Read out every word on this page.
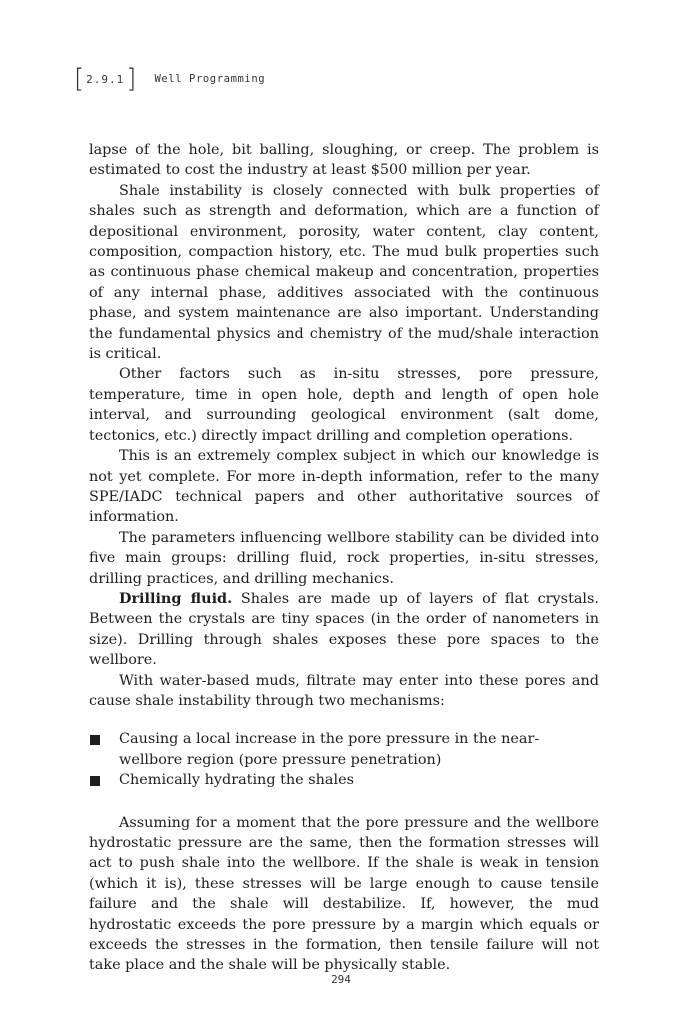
[ 2.9.1 ] Well Programming

lapse of the hole, bit balling, sloughing, or creep. The problem is estimated to cost the industry at least $500 million per year.

Shale instability is closely connected with bulk properties of shales such as strength and deformation, which are a function of depositional environment, porosity, water content, clay content, composition, compaction history, etc. The mud bulk properties such as continuous phase chemical makeup and concentration, properties of any internal phase, additives associated with the continuous phase, and system maintenance are also important. Understanding the fundamental physics and chemistry of the mud/shale interaction is critical.

Other factors such as in-situ stresses, pore pressure, temperature, time in open hole, depth and length of open hole interval, and surrounding geological environment (salt dome, tectonics, etc.) directly impact drilling and completion operations.

This is an extremely complex subject in which our knowledge is not yet complete. For more in-depth information, refer to the many SPE/IADC technical papers and other authoritative sources of information.

The parameters influencing wellbore stability can be divided into five main groups: drilling fluid, rock properties, in-situ stresses, drilling practices, and drilling mechanics.

Drilling fluid. Shales are made up of layers of flat crystals. Between the crystals are tiny spaces (in the order of nanometers in size). Drilling through shales exposes these pore spaces to the wellbore.

With water-based muds, filtrate may enter into these pores and cause shale instability through two mechanisms:

Causing a local increase in the pore pressure in the near-wellbore region (pore pressure penetration)
Chemically hydrating the shales

Assuming for a moment that the pore pressure and the wellbore hydrostatic pressure are the same, then the formation stresses will act to push shale into the wellbore. If the shale is weak in tension (which it is), these stresses will be large enough to cause tensile failure and the shale will destabilize. If, however, the mud hydrostatic exceeds the pore pressure by a margin which equals or exceeds the stresses in the formation, then tensile failure will not take place and the shale will be physically stable.

294
